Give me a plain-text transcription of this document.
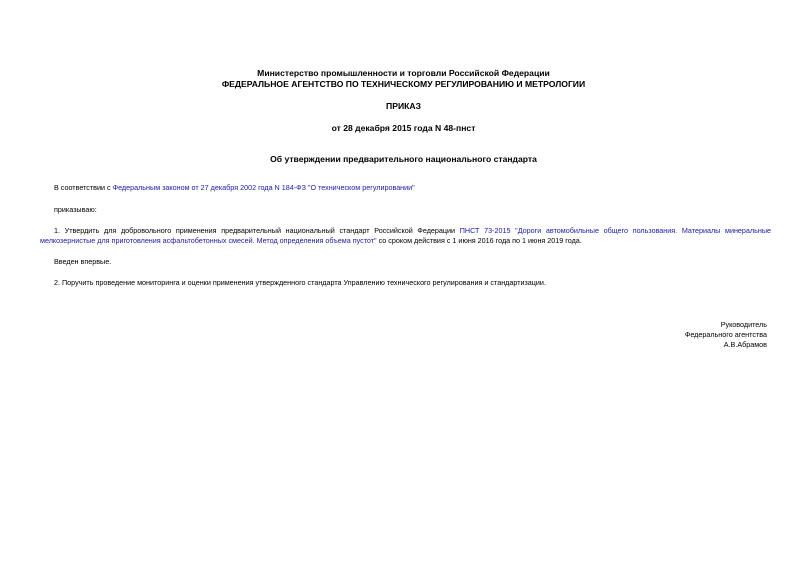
Министерство промышленности и торговли Российской Федерации
ФЕДЕРАЛЬНОЕ АГЕНТСТВО ПО ТЕХНИЧЕСКОМУ РЕГУЛИРОВАНИЮ И МЕТРОЛОГИИ
ПРИКАЗ
от 28 декабря 2015 года N 48-пнст
Об утверждении предварительного национального стандарта
В соответствии с Федеральным законом от 27 декабря 2002 года N 184-ФЗ "О техническом регулировании"
приказываю:
1. Утвердить для добровольного применения предварительный национальный стандарт Российской Федерации ПНСТ 73-2015 "Дороги автомобильные общего пользования. Материалы минеральные
мелкозернистые для приготовления асфальтобетонных смесей. Метод определения объема пустот" со сроком действия с 1 июня 2016 года по 1 июня 2019 года.
Введен впервые.
2. Поручить проведение мониторинга и оценки применения утвержденного стандарта Управлению технического регулирования и стандартизации.
Руководитель
Федерального агентства
А.В.Абрамов
